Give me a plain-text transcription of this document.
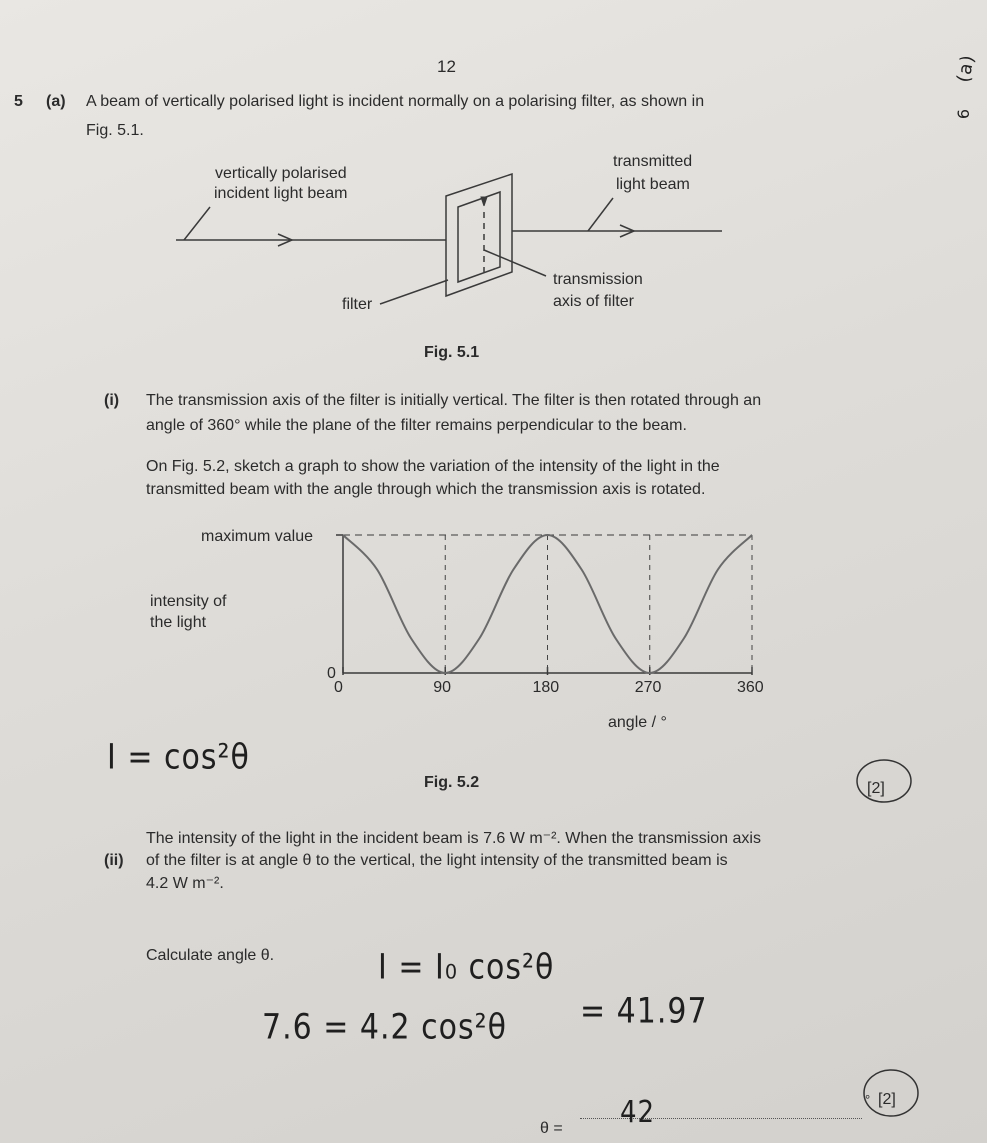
12
5 (a) A beam of vertically polarised light is incident normally on a polarising filter, as shown in
Fig. 5.1.
vertically polarised
incident light beam
transmitted
light beam
transmission
axis of filter
filter
Fig. 5.1
(i) The transmission axis of the filter is initially vertical. The filter is then rotated through an
angle of 360° while the plane of the filter remains perpendicular to the beam.
On Fig. 5.2, sketch a graph to show the variation of the intensity of the light in the
transmitted beam with the angle through which the transmission axis is rotated.
maximum value
intensity of
the light
0
0	90	180	270	360
angle / °
Fig. 5.2	[2]
(ii)
The intensity of the light in the incident beam is 7.6 W m⁻². When the transmission axis
of the filter is at angle θ to the vertical, the light intensity of the transmitted beam is
4.2 W m⁻².
Calculate angle θ.
θ =
° [2]
I = cos²θ
I = I₀ cos²θ
7.6 = 4.2 cos²θ = 41.97
42
(a)
6
